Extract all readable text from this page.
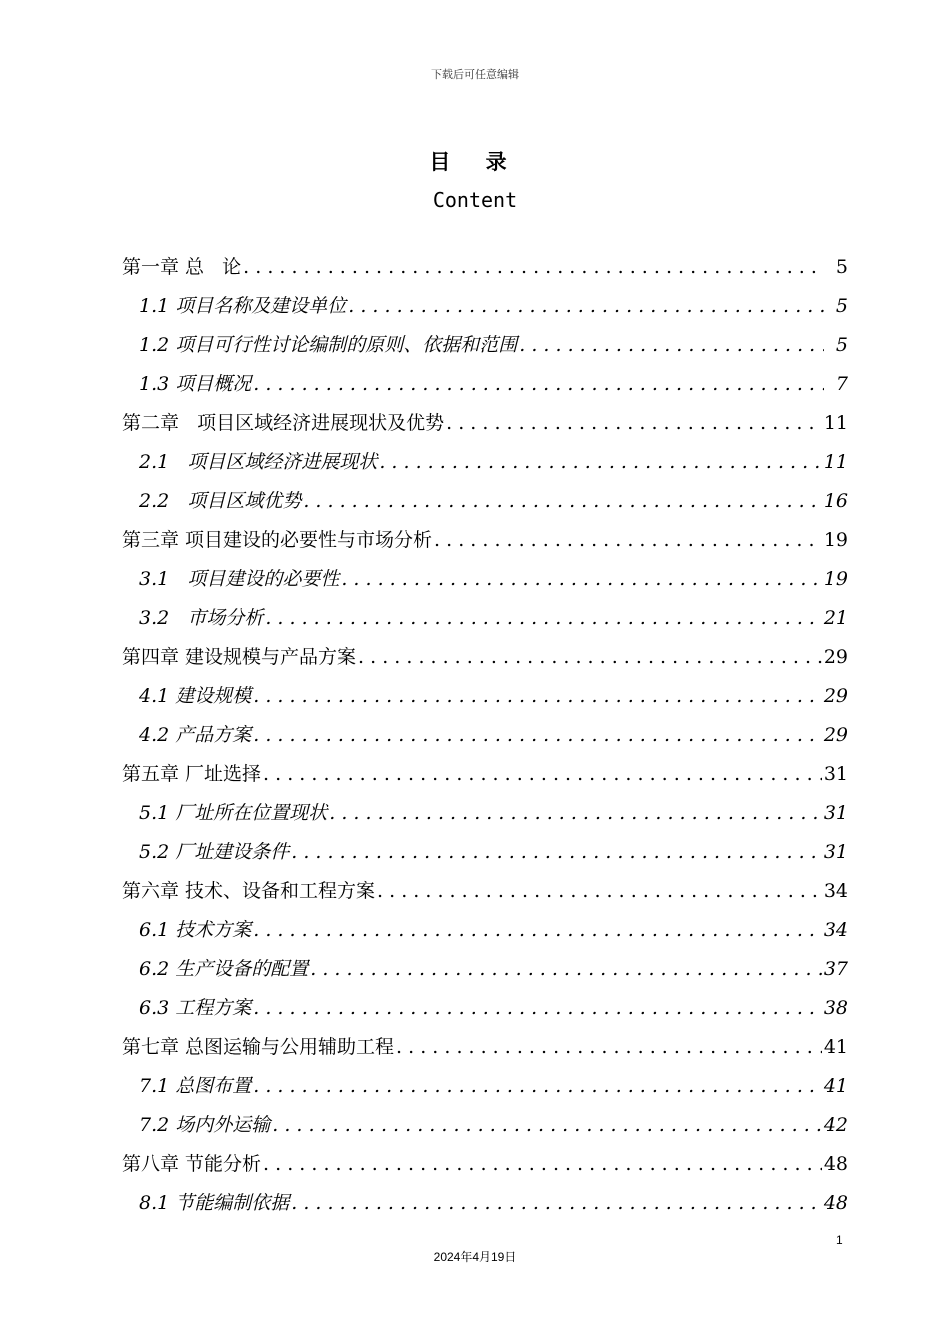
下载后可任意编辑
目 录
Content
第一章 总   论 . . .	5
1.1 项目名称及建设单位 . . .	5
1.2 项目可行性讨论编制的原则、依据和范围 . . .	5
1.3 项目概况 . . .	7
第二章   项目区域经济进展现状及优势 . . .	11
2.1   项目区域经济进展现状 . . .	11
2.2   项目区域优势 . . .	16
第三章 项目建设的必要性与市场分析 . . .	19
3.1   项目建设的必要性 . . .	19
3.2   市场分析 . . .	21
第四章 建设规模与产品方案 . . .	29
4.1 建设规模 . . .	29
4.2 产品方案 . . .	29
第五章 厂址选择 . . .	31
5.1 厂址所在位置现状 . . .	31
5.2 厂址建设条件 . . .	31
第六章 技术、设备和工程方案 . . .	34
6.1 技术方案 . . .	34
6.2 生产设备的配置 . . .	37
6.3 工程方案 . . .	38
第七章 总图运输与公用辅助工程 . . .	41
7.1 总图布置 . . .	41
7.2 场内外运输 . . .	42
第八章 节能分析 . . .	48
8.1 节能编制依据 . . .	48
1
2024年4月19日
